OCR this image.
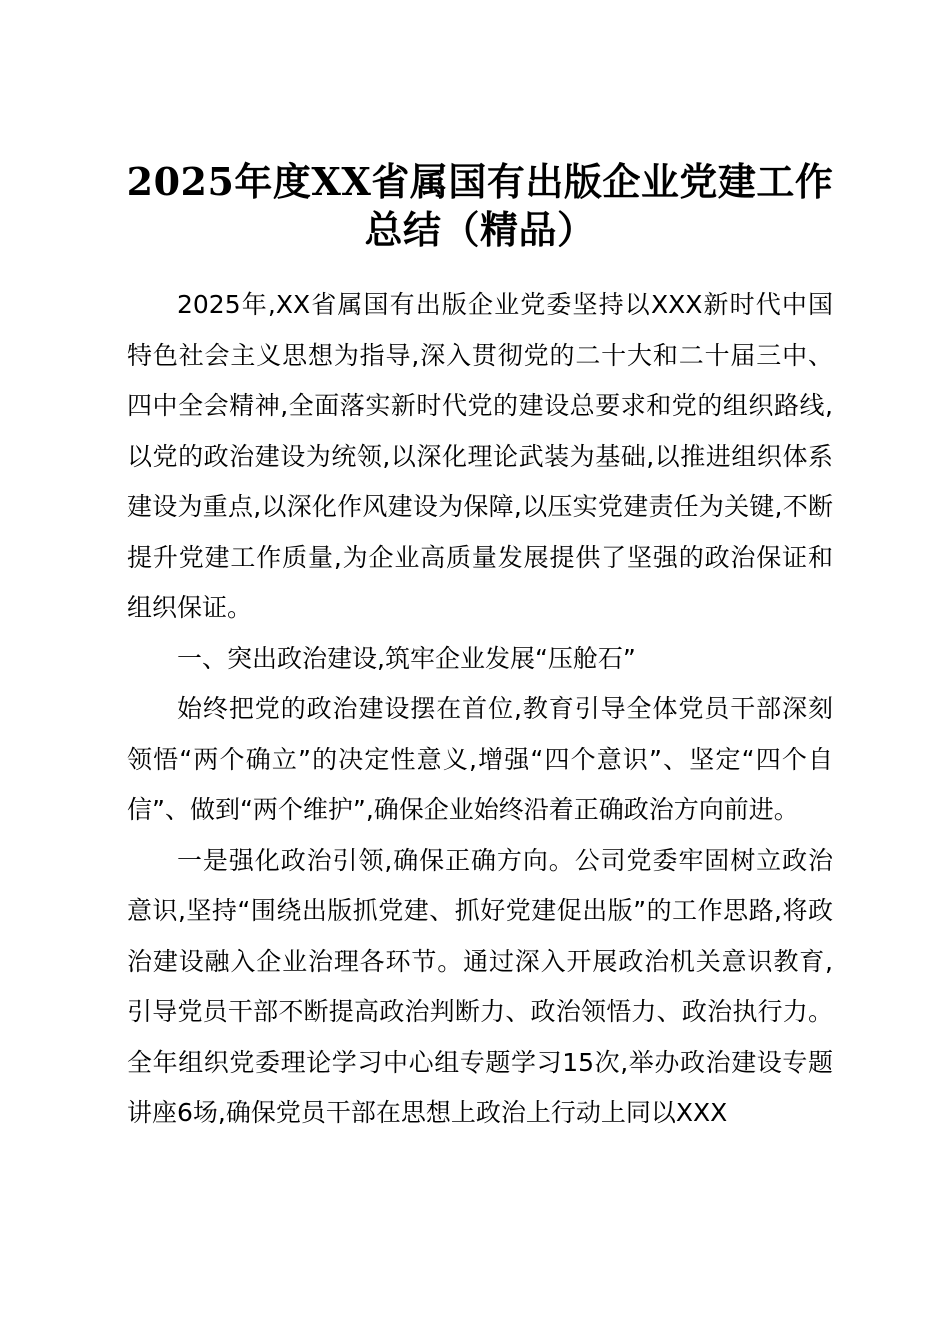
2025年度XX省属国有出版企业党建工作总结（精品）

2025年,XX省属国有出版企业党委坚持以XXX新时代中国特色社会主义思想为指导,深入贯彻党的二十大和二十届三中、四中全会精神,全面落实新时代党的建设总要求和党的组织路线,以党的政治建设为统领,以深化理论武装为基础,以推进组织体系建设为重点,以深化作风建设为保障,以压实党建责任为关键,不断提升党建工作质量,为企业高质量发展提供了坚强的政治保证和组织保证。

一、突出政治建设,筑牢企业发展“压舱石”

始终把党的政治建设摆在首位,教育引导全体党员干部深刻领悟“两个确立”的决定性意义,增强“四个意识”、坚定“四个自信”、做到“两个维护”,确保企业始终沿着正确政治方向前进。

一是强化政治引领,确保正确方向。公司党委牢固树立政治意识,坚持“围绕出版抓党建、抓好党建促出版”的工作思路,将政治建设融入企业治理各环节。通过深入开展政治机关意识教育,引导党员干部不断提高政治判断力、政治领悟力、政治执行力。全年组织党委理论学习中心组专题学习15次,举办政治建设专题讲座6场,确保党员干部在思想上政治上行动上同以XXX
